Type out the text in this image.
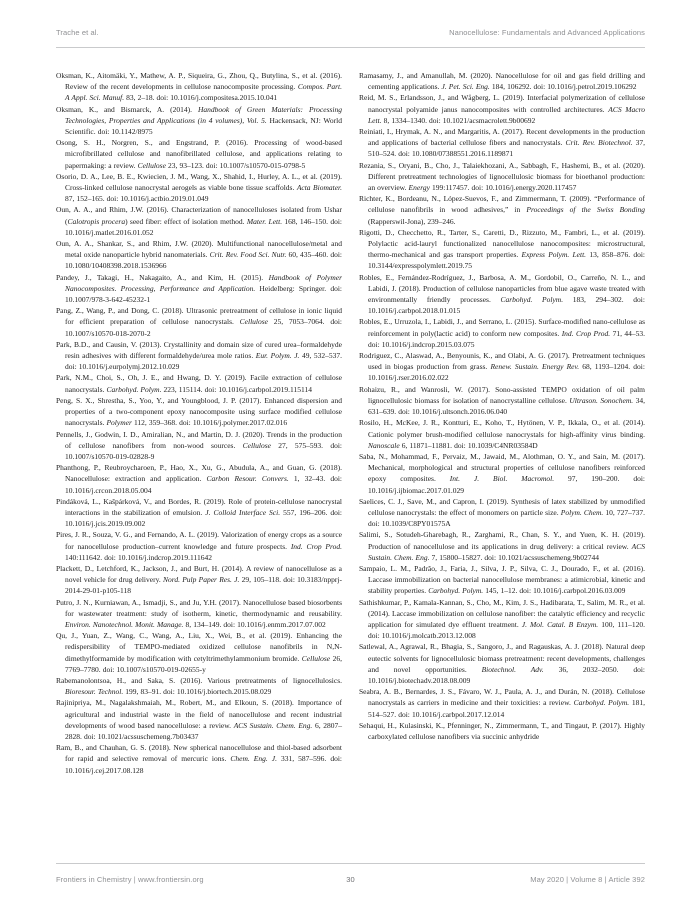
Trache et al.	Nanocellulose: Fundamentals and Advanced Applications

Oksman, K., Aitomäki, Y., Mathew, A. P., Siqueira, G., Zhou, Q., Butylina, S., et al. (2016). Review of the recent developments in cellulose nanocomposite processing. Compos. Part. A Appl. Sci. Manuf. 83, 2–18. doi: 10.1016/j.compositesa.2015.10.041

Oksman, K., and Bismarck, A. (2014). Handbook of Green Materials: Processing Technologies, Properties and Applications (in 4 volumes), Vol. 5. Hackensack, NJ: World Scientific. doi: 10.1142/8975

Osong, S. H., Norgren, S., and Engstrand, P. (2016). Processing of wood-based microfibrillated cellulose and nanofibrillated cellulose, and applications relating to papermaking: a review. Cellulose 23, 93–123. doi: 10.1007/s10570-015-0798-5

Osorio, D. A., Lee, B. E., Kwiecien, J. M., Wang, X., Shahid, I., Hurley, A. L., et al. (2019). Cross-linked cellulose nanocrystal aerogels as viable bone tissue scaffolds. Acta Biomater. 87, 152–165. doi: 10.1016/j.actbio.2019.01.049

Oun, A. A., and Rhim, J.W. (2016). Characterization of nanocelluloses isolated from Ushar (Calotropis procera) seed fiber: effect of isolation method. Mater. Lett. 168, 146–150. doi: 10.1016/j.matlet.2016.01.052

Oun, A. A., Shankar, S., and Rhim, J.W. (2020). Multifunctional nanocellulose/metal and metal oxide nanoparticle hybrid nanomaterials. Crit. Rev. Food Sci. Nutr. 60, 435–460. doi: 10.1080/10408398.2018.1536966

Pandey, J., Takagi, H., Nakagaito, A., and Kim, H. (2015). Handbook of Polymer Nanocomposites. Processing, Performance and Application. Heidelberg: Springer. doi: 10.1007/978-3-642-45232-1

Pang, Z., Wang, P., and Dong, C. (2018). Ultrasonic pretreatment of cellulose in ionic liquid for efficient preparation of cellulose nanocrystals. Cellulose 25, 7053–7064. doi: 10.1007/s10570-018-2070-2

Park, B.D., and Causin, V. (2013). Crystallinity and domain size of cured urea–formaldehyde resin adhesives with different formaldehyde/urea mole ratios. Eur. Polym. J. 49, 532–537. doi: 10.1016/j.eurpolymj.2012.10.029

Park, N.M., Choi, S., Oh, J. E., and Hwang, D. Y. (2019). Facile extraction of cellulose nanocrystals. Carbohyd. Polym. 223, 115114. doi: 10.1016/j.carbpol.2019.115114

Peng, S. X., Shrestha, S., Yoo, Y., and Youngblood, J. P. (2017). Enhanced dispersion and properties of a two-component epoxy nanocomposite using surface modified cellulose nanocrystals. Polymer 112, 359–368. doi: 10.1016/j.polymer.2017.02.016

Pennells, J., Godwin, I. D., Amiralian, N., and Martin, D. J. (2020). Trends in the production of cellulose nanofibers from non-wood sources. Cellulose 27, 575–593. doi: 10.1007/s10570-019-02828-9

Phanthong, P., Reubroycharoen, P., Hao, X., Xu, G., Abudula, A., and Guan, G. (2018). Nanocellulose: extraction and application. Carbon Resour. Convers. 1, 32–43. doi: 10.1016/j.crcon.2018.05.004

Pindáková, L., Kašpárková, V., and Bordes, R. (2019). Role of protein-cellulose nanocrystal interactions in the stabilization of emulsion. J. Colloid Interface Sci. 557, 196–206. doi: 10.1016/j.jcis.2019.09.002

Pires, J. R., Souza, V. G., and Fernando, A. L. (2019). Valorization of energy crops as a source for nanocellulose production–current knowledge and future prospects. Ind. Crop Prod. 140:111642. doi: 10.1016/j.indcrop.2019.111642

Plackett, D., Letchford, K., Jackson, J., and Burt, H. (2014). A review of nanocellulose as a novel vehicle for drug delivery. Nord. Pulp Paper Res. J. 29, 105–118. doi: 10.3183/npprj-2014-29-01-p105-118

Putro, J. N., Kurniawan, A., Ismadji, S., and Ju, Y.H. (2017). Nanocellulose based biosorbents for wastewater treatment: study of isotherm, kinetic, thermodynamic and reusability. Environ. Nanotechnol. Monit. Manage. 8, 134–149. doi: 10.1016/j.enmm.2017.07.002

Qu, J., Yuan, Z., Wang, C., Wang, A., Liu, X., Wei, B., et al. (2019). Enhancing the redispersibility of TEMPO-mediated oxidized cellulose nanofibrils in N,N-dimethylformamide by modification with cetyltrimethylammonium bromide. Cellulose 26, 7769–7780. doi: 10.1007/s10570-019-02655-y

Rabemanolontsoa, H., and Saka, S. (2016). Various pretreatments of lignocellulosics. Bioresour. Technol. 199, 83–91. doi: 10.1016/j.biortech.2015.08.029

Rajinipriya, M., Nagalakshmaiah, M., Robert, M., and Elkoun, S. (2018). Importance of agricultural and industrial waste in the field of nanocellulose and recent industrial developments of wood based nanocellulose: a review. ACS Sustain. Chem. Eng. 6, 2807–2828. doi: 10.1021/acssuschemeng.7b03437

Ram, B., and Chauhan, G. S. (2018). New spherical nanocellulose and thiol-based adsorbent for rapid and selective removal of mercuric ions. Chem. Eng. J. 331, 587–596. doi: 10.1016/j.cej.2017.08.128

Ramasamy, J., and Amanullah, M. (2020). Nanocellulose for oil and gas field drilling and cementing applications. J. Pet. Sci. Eng. 184, 106292. doi: 10.1016/j.petrol.2019.106292

Reid, M. S., Erlandsson, J., and Wågberg, L. (2019). Interfacial polymerization of cellulose nanocrystal polyamide janus nanocomposites with controlled architectures. ACS Macro Lett. 8, 1334–1340. doi: 10.1021/acsmacrolett.9b00692

Reiniati, I., Hrymak, A. N., and Margaritis, A. (2017). Recent developments in the production and applications of bacterial cellulose fibers and nanocrystals. Crit. Rev. Biotechnol. 37, 510–524. doi: 10.1080/07388551.2016.1189871

Rezania, S., Oryani, B., Cho, J., Talaiekhozani, A., Sabbagh, F., Hashemi, B., et al. (2020). Different pretreatment technologies of lignocellulosic biomass for bioethanol production: an overview. Energy 199:117457. doi: 10.1016/j.energy.2020.117457

Richter, K., Bordeanu, N., López-Suevos, F., and Zimmermann, T. (2009). “Performance of cellulose nanofibrils in wood adhesives,” in Proceedings of the Swiss Bonding (Rapperswil-Jona), 239–246.

Rigotti, D., Checchetto, R., Tarter, S., Caretti, D., Rizzuto, M., Fambri, L., et al. (2019). Polylactic acid-lauryl functionalized nanocellulose nanocomposites: microstructural, thermo-mechanical and gas transport properties. Express Polym. Lett. 13, 858–876. doi: 10.3144/expresspolymlett.2019.75

Robles, E., Fernández-Rodríguez, J., Barbosa, A. M., Gordobil, O., Carreño, N. L., and Labidi, J. (2018). Production of cellulose nanoparticles from blue agave waste treated with environmentally friendly processes. Carbohyd. Polym. 183, 294–302. doi: 10.1016/j.carbpol.2018.01.015

Robles, E., Urruzola, I., Labidi, J., and Serrano, L. (2015). Surface-modified nano-cellulose as reinforcement in poly(lactic acid) to conform new composites. Ind. Crop Prod. 71, 44–53. doi: 10.1016/j.indcrop.2015.03.075

Rodriguez, C., Alaswad, A., Benyounis, K., and Olabi, A. G. (2017). Pretreatment techniques used in biogas production from grass. Renew. Sustain. Energy Rev. 68, 1193–1204. doi: 10.1016/j.rser.2016.02.022

Rohaizu, R., and Wanrosli, W. (2017). Sono-assisted TEMPO oxidation of oil palm lignocellulosic biomass for isolation of nanocrystalline cellulose. Ultrason. Sonochem. 34, 631–639. doi: 10.1016/j.ultsonch.2016.06.040

Rosilo, H., McKee, J. R., Kontturi, E., Koho, T., Hytönen, V. P., Ikkala, O., et al. (2014). Cationic polymer brush-modified cellulose nanocrystals for high-affinity virus binding. Nanoscale 6, 11871–11881. doi: 10.1039/C4NR03584D

Saba, N., Mohammad, F., Pervaiz, M., Jawaid, M., Alothman, O. Y., and Sain, M. (2017). Mechanical, morphological and structural properties of cellulose nanofibers reinforced epoxy composites. Int. J. Biol. Macromol. 97, 190–200. doi: 10.1016/j.ijbiomac.2017.01.029

Saelices, C. J., Save, M., and Capron, I. (2019). Synthesis of latex stabilized by unmodified cellulose nanocrystals: the effect of monomers on particle size. Polym. Chem. 10, 727–737. doi: 10.1039/C8PY01575A

Salimi, S., Sotudeh-Gharebagh, R., Zarghami, R., Chan, S. Y., and Yuen, K. H. (2019). Production of nanocellulose and its applications in drug delivery: a critical review. ACS Sustain. Chem. Eng. 7, 15800–15827. doi: 10.1021/acssuschemeng.9b02744

Sampaio, L. M., Padrão, J., Faria, J., Silva, J. P., Silva, C. J., Dourado, F., et al. (2016). Laccase immobilization on bacterial nanocellulose membranes: a atimicrobial, kinetic and stability properties. Carbohyd. Polym. 145, 1–12. doi: 10.1016/j.carbpol.2016.03.009

Sathishkumar, P., Kamala-Kannan, S., Cho, M., Kim, J. S., Hadibarata, T., Salim, M. R., et al. (2014). Laccase immobilization on cellulose nanofiber: the catalytic efficiency and recyclic application for simulated dye effluent treatment. J. Mol. Catal. B Enzym. 100, 111–120. doi: 10.1016/j.molcatb.2013.12.008

Satlewal, A., Agrawal, R., Bhagia, S., Sangoro, J., and Ragauskas, A. J. (2018). Natural deep eutectic solvents for lignocellulosic biomass pretreatment: recent developments, challenges and novel opportunities. Biotechnol. Adv. 36, 2032–2050. doi: 10.1016/j.biotechadv.2018.08.009

Seabra, A. B., Bernardes, J. S., Fávaro, W. J., Paula, A. J., and Durán, N. (2018). Cellulose nanocrystals as carriers in medicine and their toxicities: a review. Carbohyd. Polym. 181, 514–527. doi: 10.1016/j.carbpol.2017.12.014

Sehaqui, H., Kulasinski, K., Pfenninger, N., Zimmermann, T., and Tingaut, P. (2017). Highly carboxylated cellulose nanofibers via succinic anhydride

Frontiers in Chemistry | www.frontiersin.org	30	May 2020 | Volume 8 | Article 392
